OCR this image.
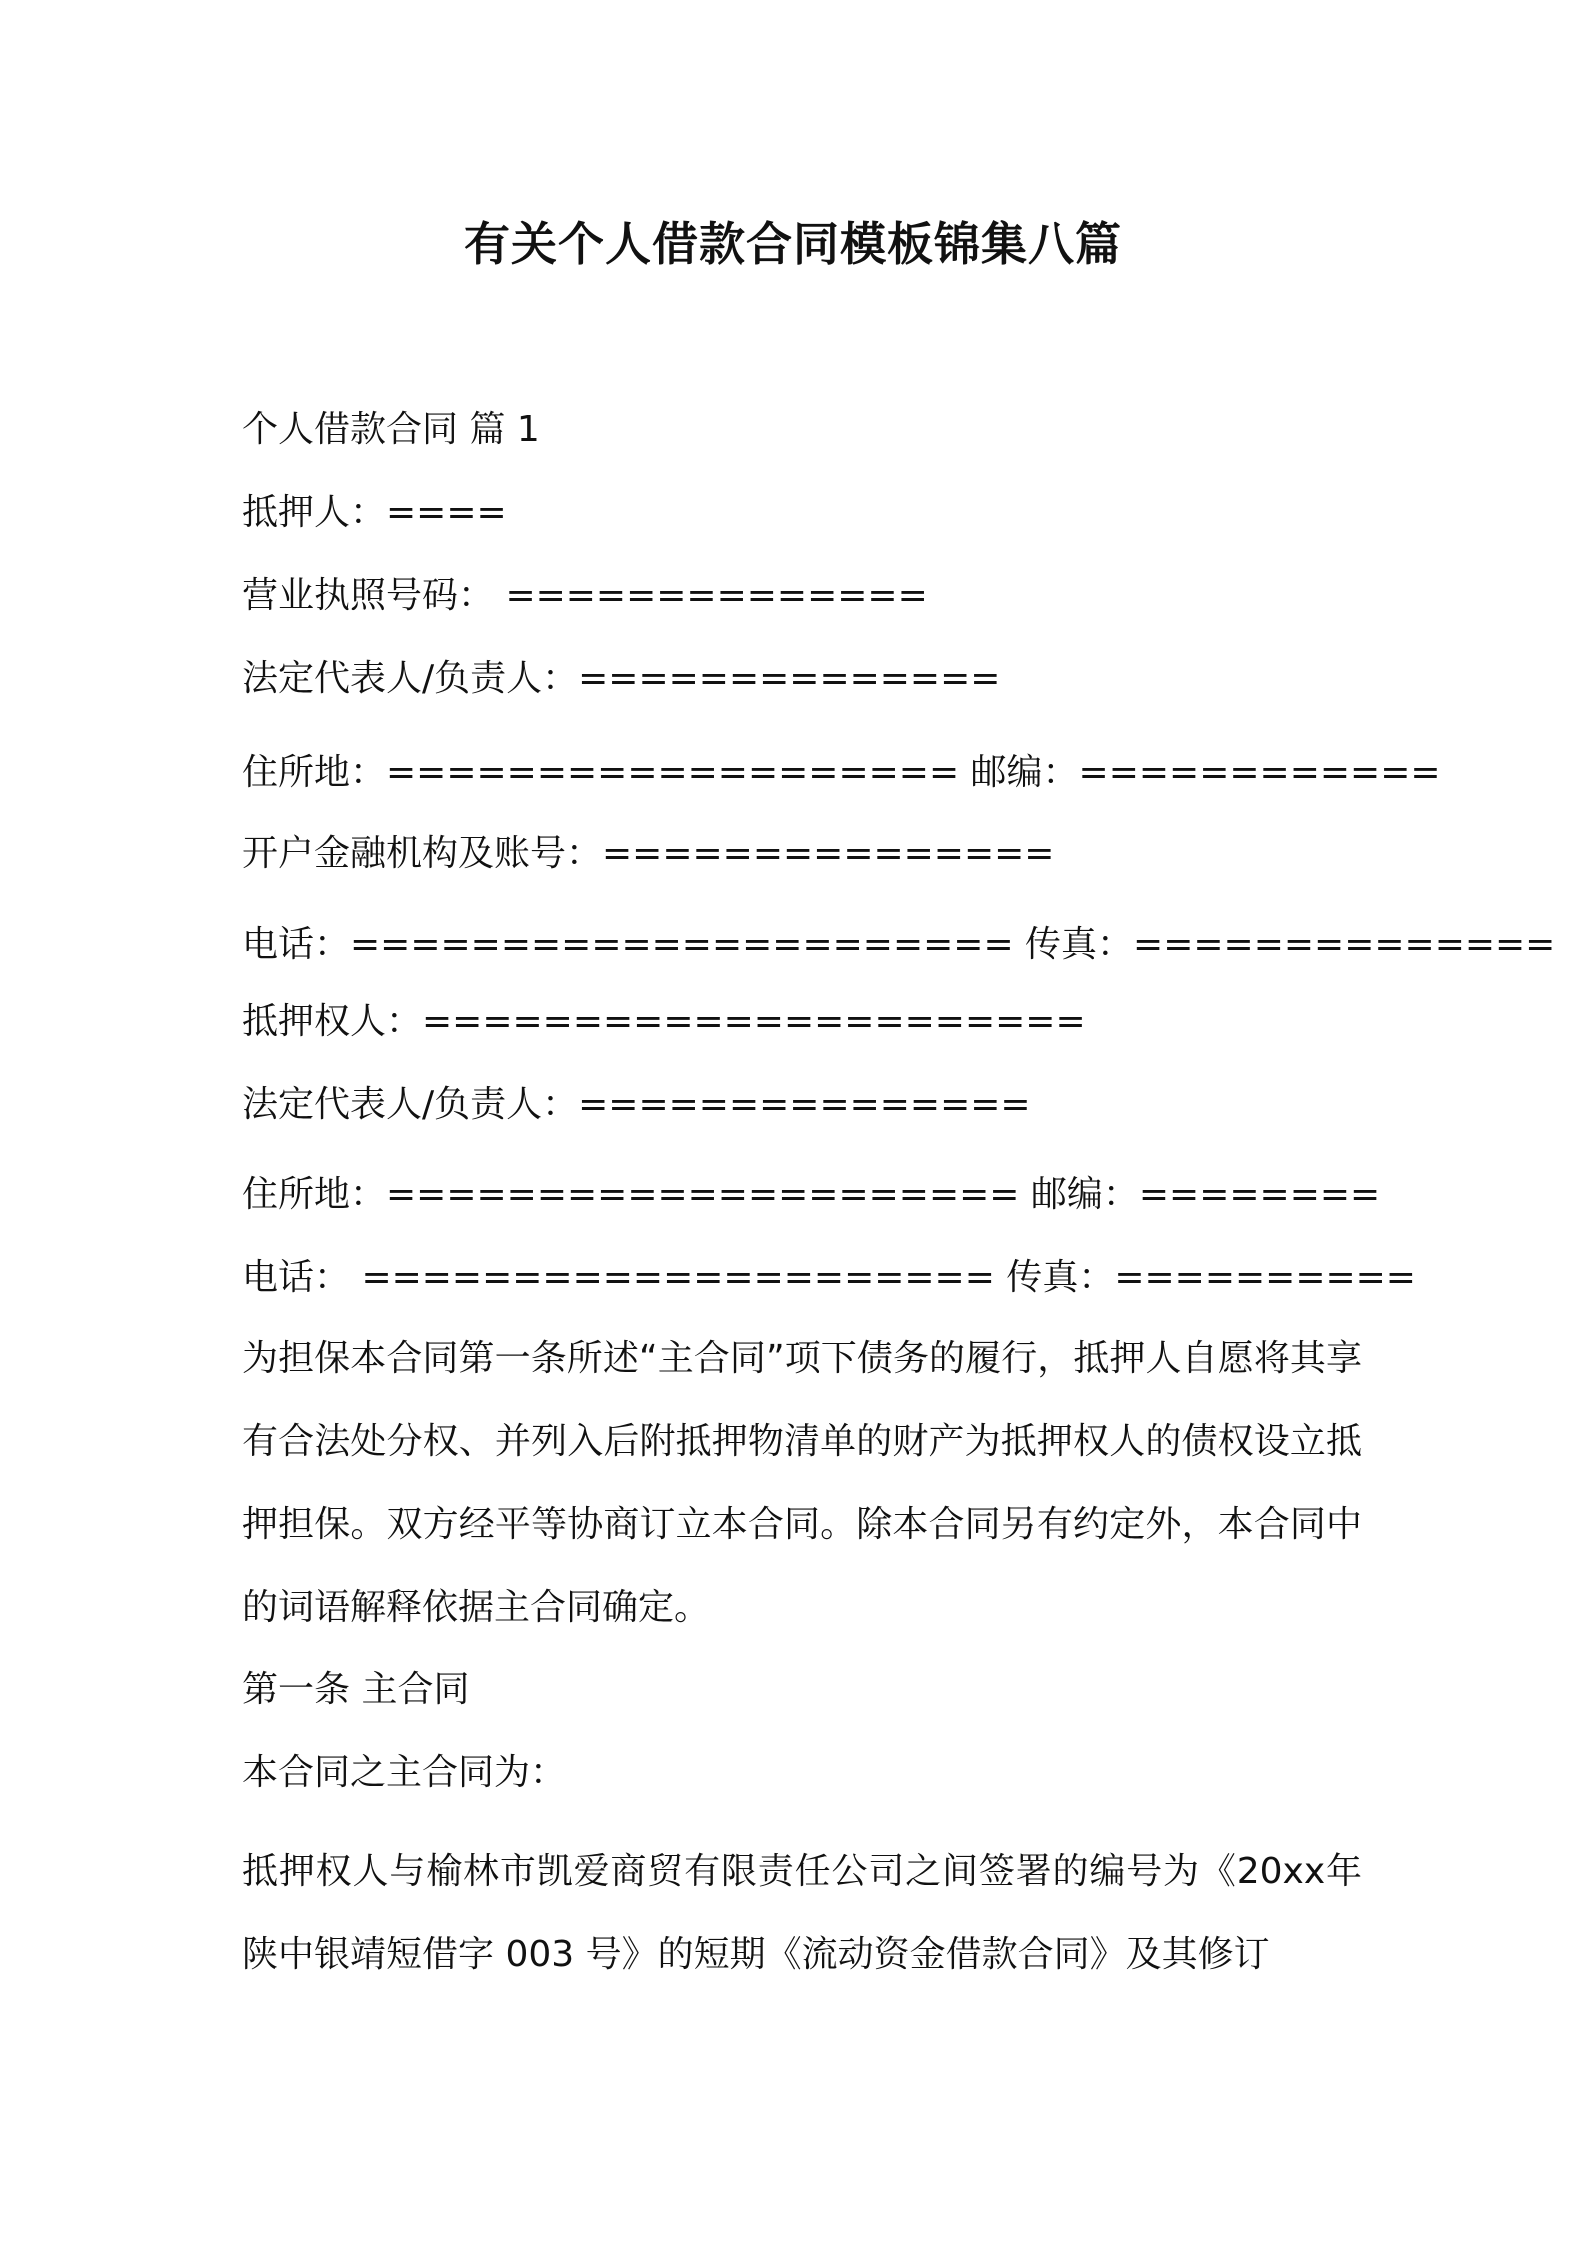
有关个人借款合同模板锦集八篇
个人借款合同 篇 1
抵押人：====
营业执照号码： ==============
法定代表人/负责人：==============
住所地：=================== 邮编：============
开户金融机构及账号：===============
电话：====================== 传真：==============
抵押权人：======================
法定代表人/负责人：===============
住所地：===================== 邮编：========
电话： ===================== 传真：==========
为担保本合同第一条所述“主合同”项下债务的履行，抵押人自愿将其享有合法处分权、并列入后附抵押物清单的财产为抵押权人的债权设立抵押担保。双方经平等协商订立本合同。除本合同另有约定外，本合同中的词语解释依据主合同确定。
第一条 主合同
本合同之主合同为：
抵押权人与榆林市凯爱商贸有限责任公司之间签署的编号为《20xx年陕中银靖短借字 003 号》的短期《流动资金借款合同》及其修订
